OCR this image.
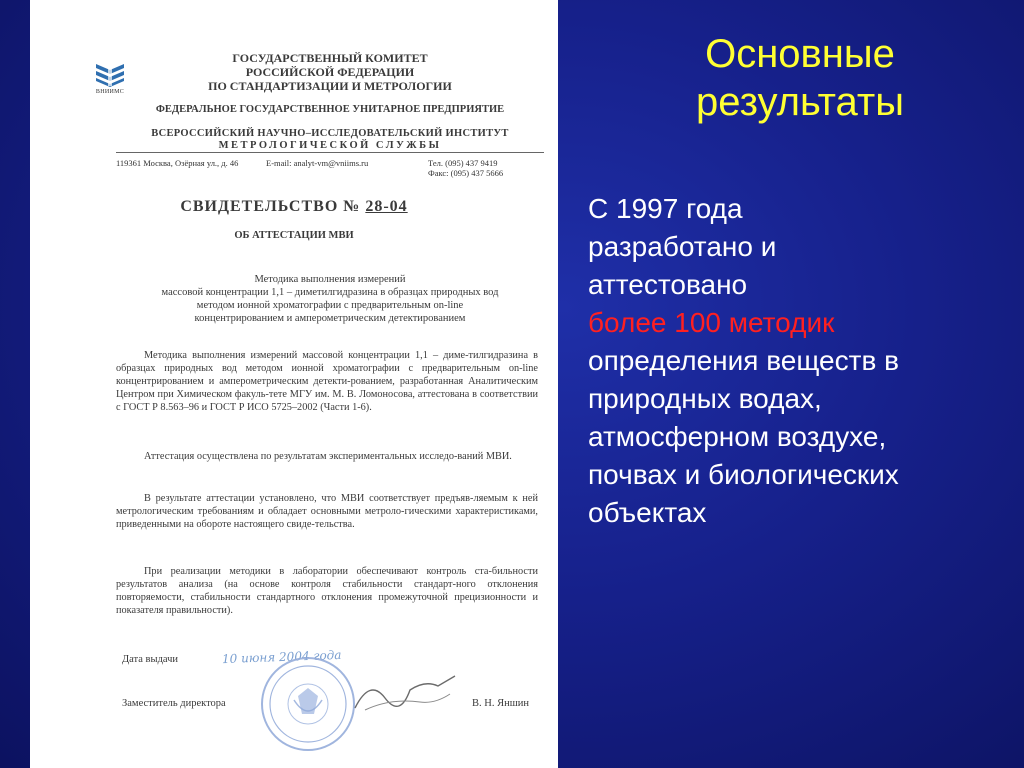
ВНИИМС
ГОСУДАРСТВЕННЫЙ КОМИТЕТ
РОССИЙСКОЙ ФЕДЕРАЦИИ
ПО СТАНДАРТИЗАЦИИ И МЕТРОЛОГИИ
ФЕДЕРАЛЬНОЕ ГОСУДАРСТВЕННОЕ УНИТАРНОЕ ПРЕДПРИЯТИЕ
ВСЕРОССИЙСКИЙ НАУЧНО–ИССЛЕДОВАТЕЛЬСКИЙ ИНСТИТУТ
МЕТРОЛОГИЧЕСКОЙ СЛУЖБЫ
119361 Москва, Озёрная ул., д. 46	E-mail: analyt-vm@vniims.ru	Тел. (095) 437 9419
Факс: (095) 437 5666
СВИДЕТЕЛЬСТВО № 28-04
ОБ АТТЕСТАЦИИ МВИ
Методика выполнения измерений
массовой концентрации 1,1 – диметилгидразина в образцах природных вод
методом ионной хроматографии с предварительным on-line
концентрированием и амперометрическим детектированием
Методика выполнения измерений массовой концентрации 1,1 – диме-тилгидразина в образцах природных вод методом ионной хроматографии с предварительным on-line концентрированием и амперометрическим детекти-рованием, разработанная Аналитическим Центром при Химическом факуль-тете МГУ им. М. В. Ломоносова, аттестована в соответствии с ГОСТ Р 8.563–96 и ГОСТ Р ИСО 5725–2002 (Части 1-6).
Аттестация осуществлена по результатам экспериментальных исследо-ваний МВИ.
В результате аттестации установлено, что МВИ соответствует предъяв-ляемым к ней метрологическим требованиям и обладает основными метроло-гическими характеристиками, приведенными на обороте настоящего свиде-тельства.
При реализации методики в лаборатории обеспечивают контроль ста-бильности результатов анализа (на основе контроля стабильности стандарт-ного отклонения повторяемости, стабильности стандартного отклонения промежуточной прецизионности и показателя правильности).
Дата выдачи	10 июня 2004 года
Заместитель директора	В. Н. Яншин
Основные
результаты
С 1997 года
разработано и
аттестовано
более 100 методик
определения веществ в
природных водах,
атмосферном воздухе,
почвах и биологических
объектах
